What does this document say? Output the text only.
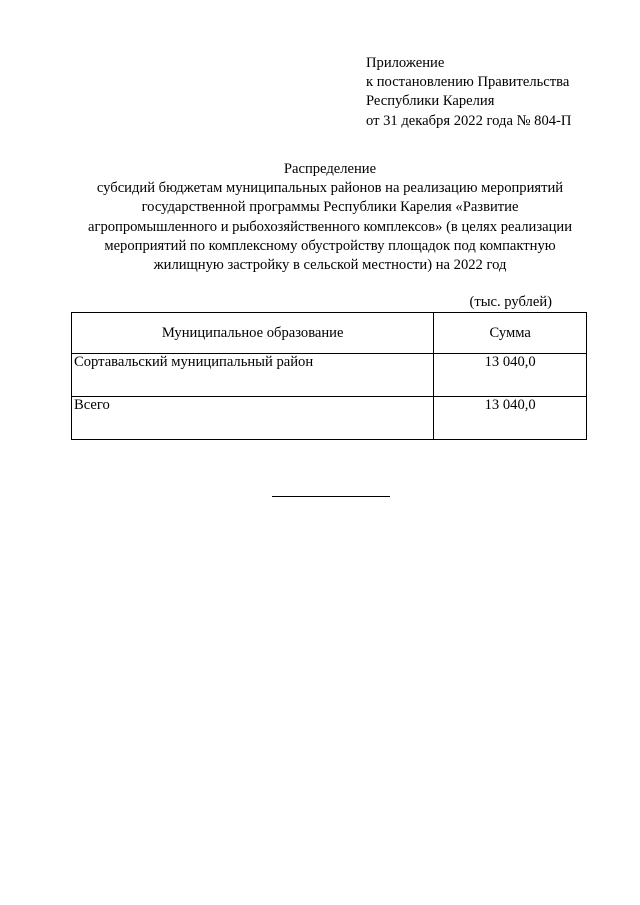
Приложение
к постановлению Правительства
Республики Карелия
от 31 декабря 2022 года № 804-П
Распределение
субсидий бюджетам муниципальных районов на реализацию мероприятий
государственной программы Республики Карелия «Развитие
агропромышленного и рыбохозяйственного комплексов» (в целях реализации
мероприятий по комплексному обустройству площадок под компактную
жилищную застройку в сельской местности) на 2022 год
(тыс. рублей)
Муниципальное образование	Сумма
Сортавальский муниципальный район	13 040,0
Всего	13 040,0
